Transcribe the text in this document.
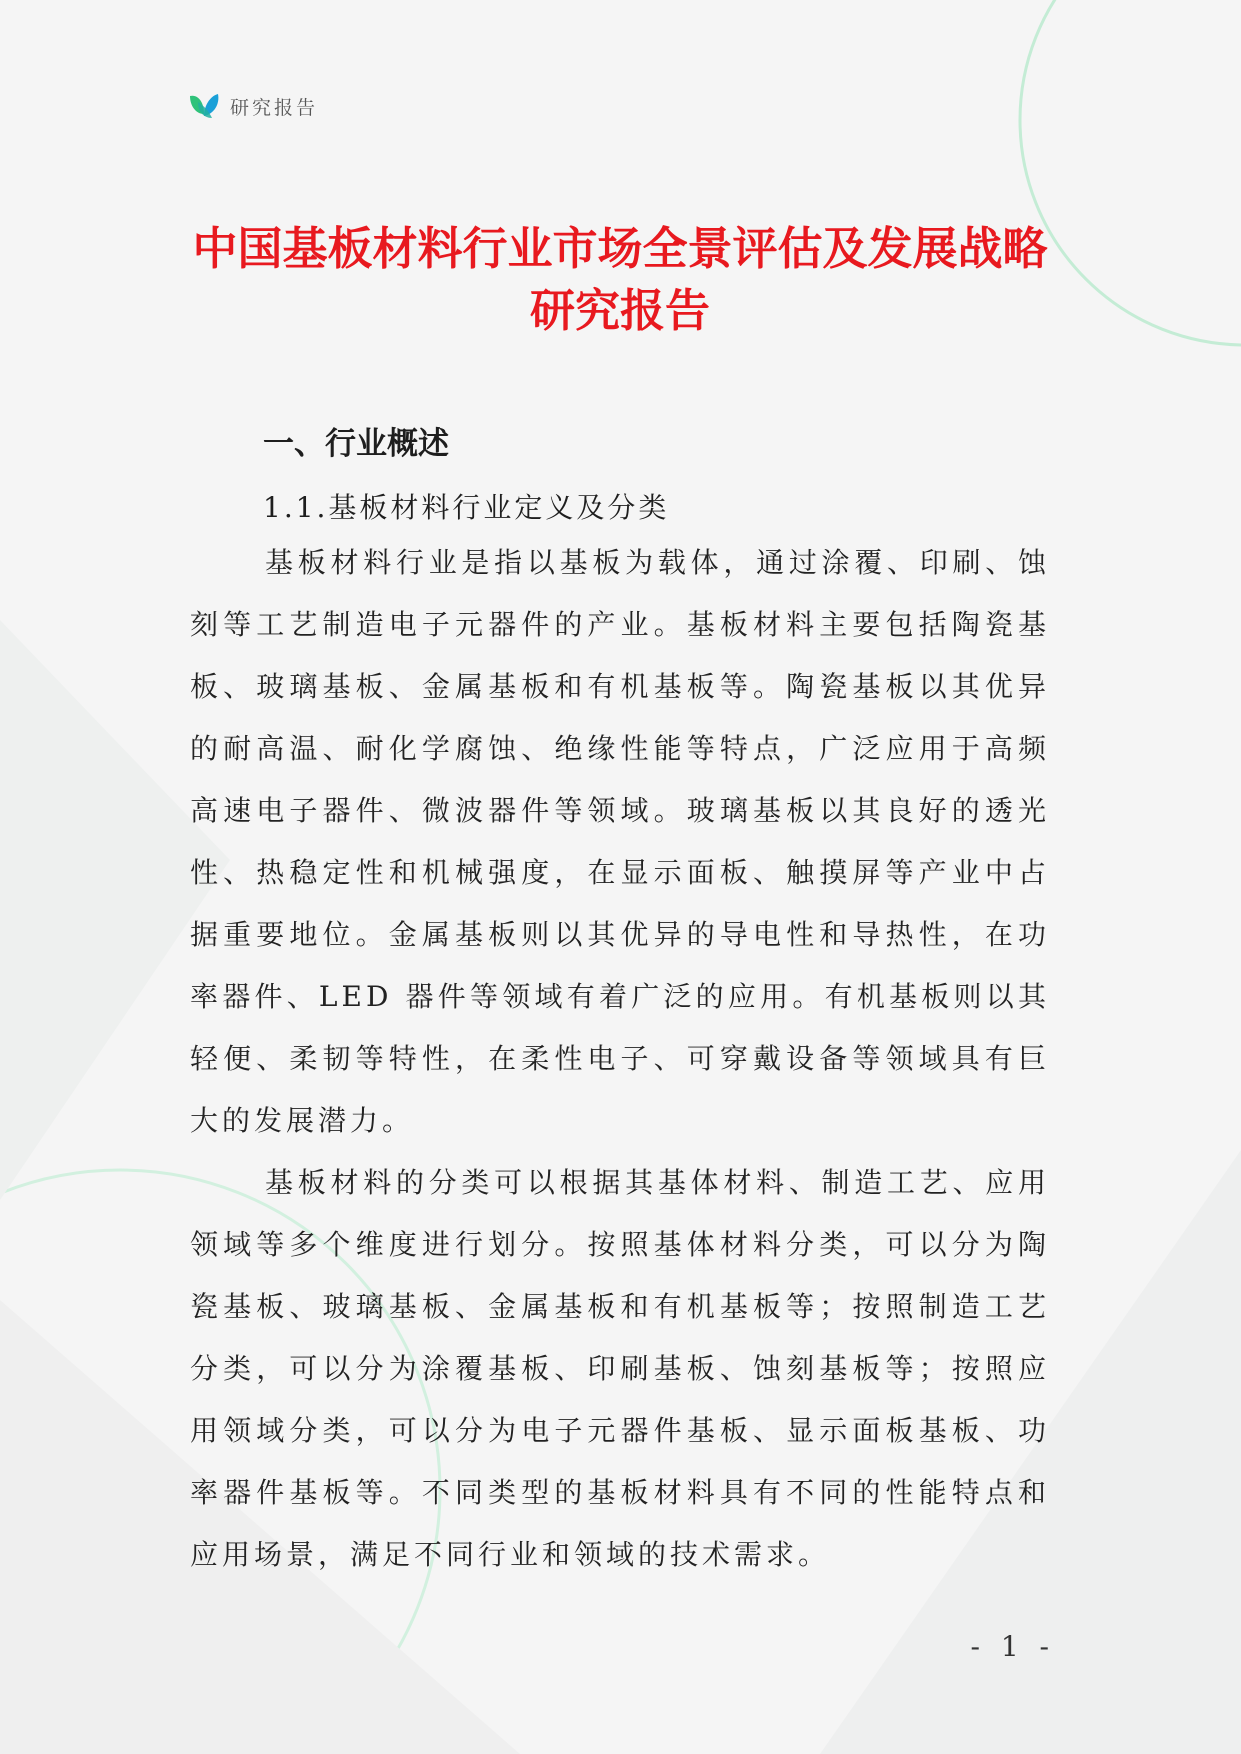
研究报告
中国基板材料行业市场全景评估及发展战略研究报告
一、行业概述
1.1.基板材料行业定义及分类

基板材料行业是指以基板为载体，通过涂覆、印刷、蚀刻等工艺制造电子元器件的产业。基板材料主要包括陶瓷基板、玻璃基板、金属基板和有机基板等。陶瓷基板以其优异的耐高温、耐化学腐蚀、绝缘性能等特点，广泛应用于高频高速电子器件、微波器件等领域。玻璃基板以其良好的透光性、热稳定性和机械强度，在显示面板、触摸屏等产业中占据重要地位。金属基板则以其优异的导电性和导热性，在功率器件、LED 器件等领域有着广泛的应用。有机基板则以其轻便、柔韧等特性，在柔性电子、可穿戴设备等领域具有巨大的发展潜力。

基板材料的分类可以根据其基体材料、制造工艺、应用领域等多个维度进行划分。按照基体材料分类，可以分为陶瓷基板、玻璃基板、金属基板和有机基板等；按照制造工艺分类，可以分为涂覆基板、印刷基板、蚀刻基板等；按照应用领域分类，可以分为电子元器件基板、显示面板基板、功率器件基板等。不同类型的基板材料具有不同的性能特点和应用场景，满足不同行业和领域的技术需求。

- 1 -
